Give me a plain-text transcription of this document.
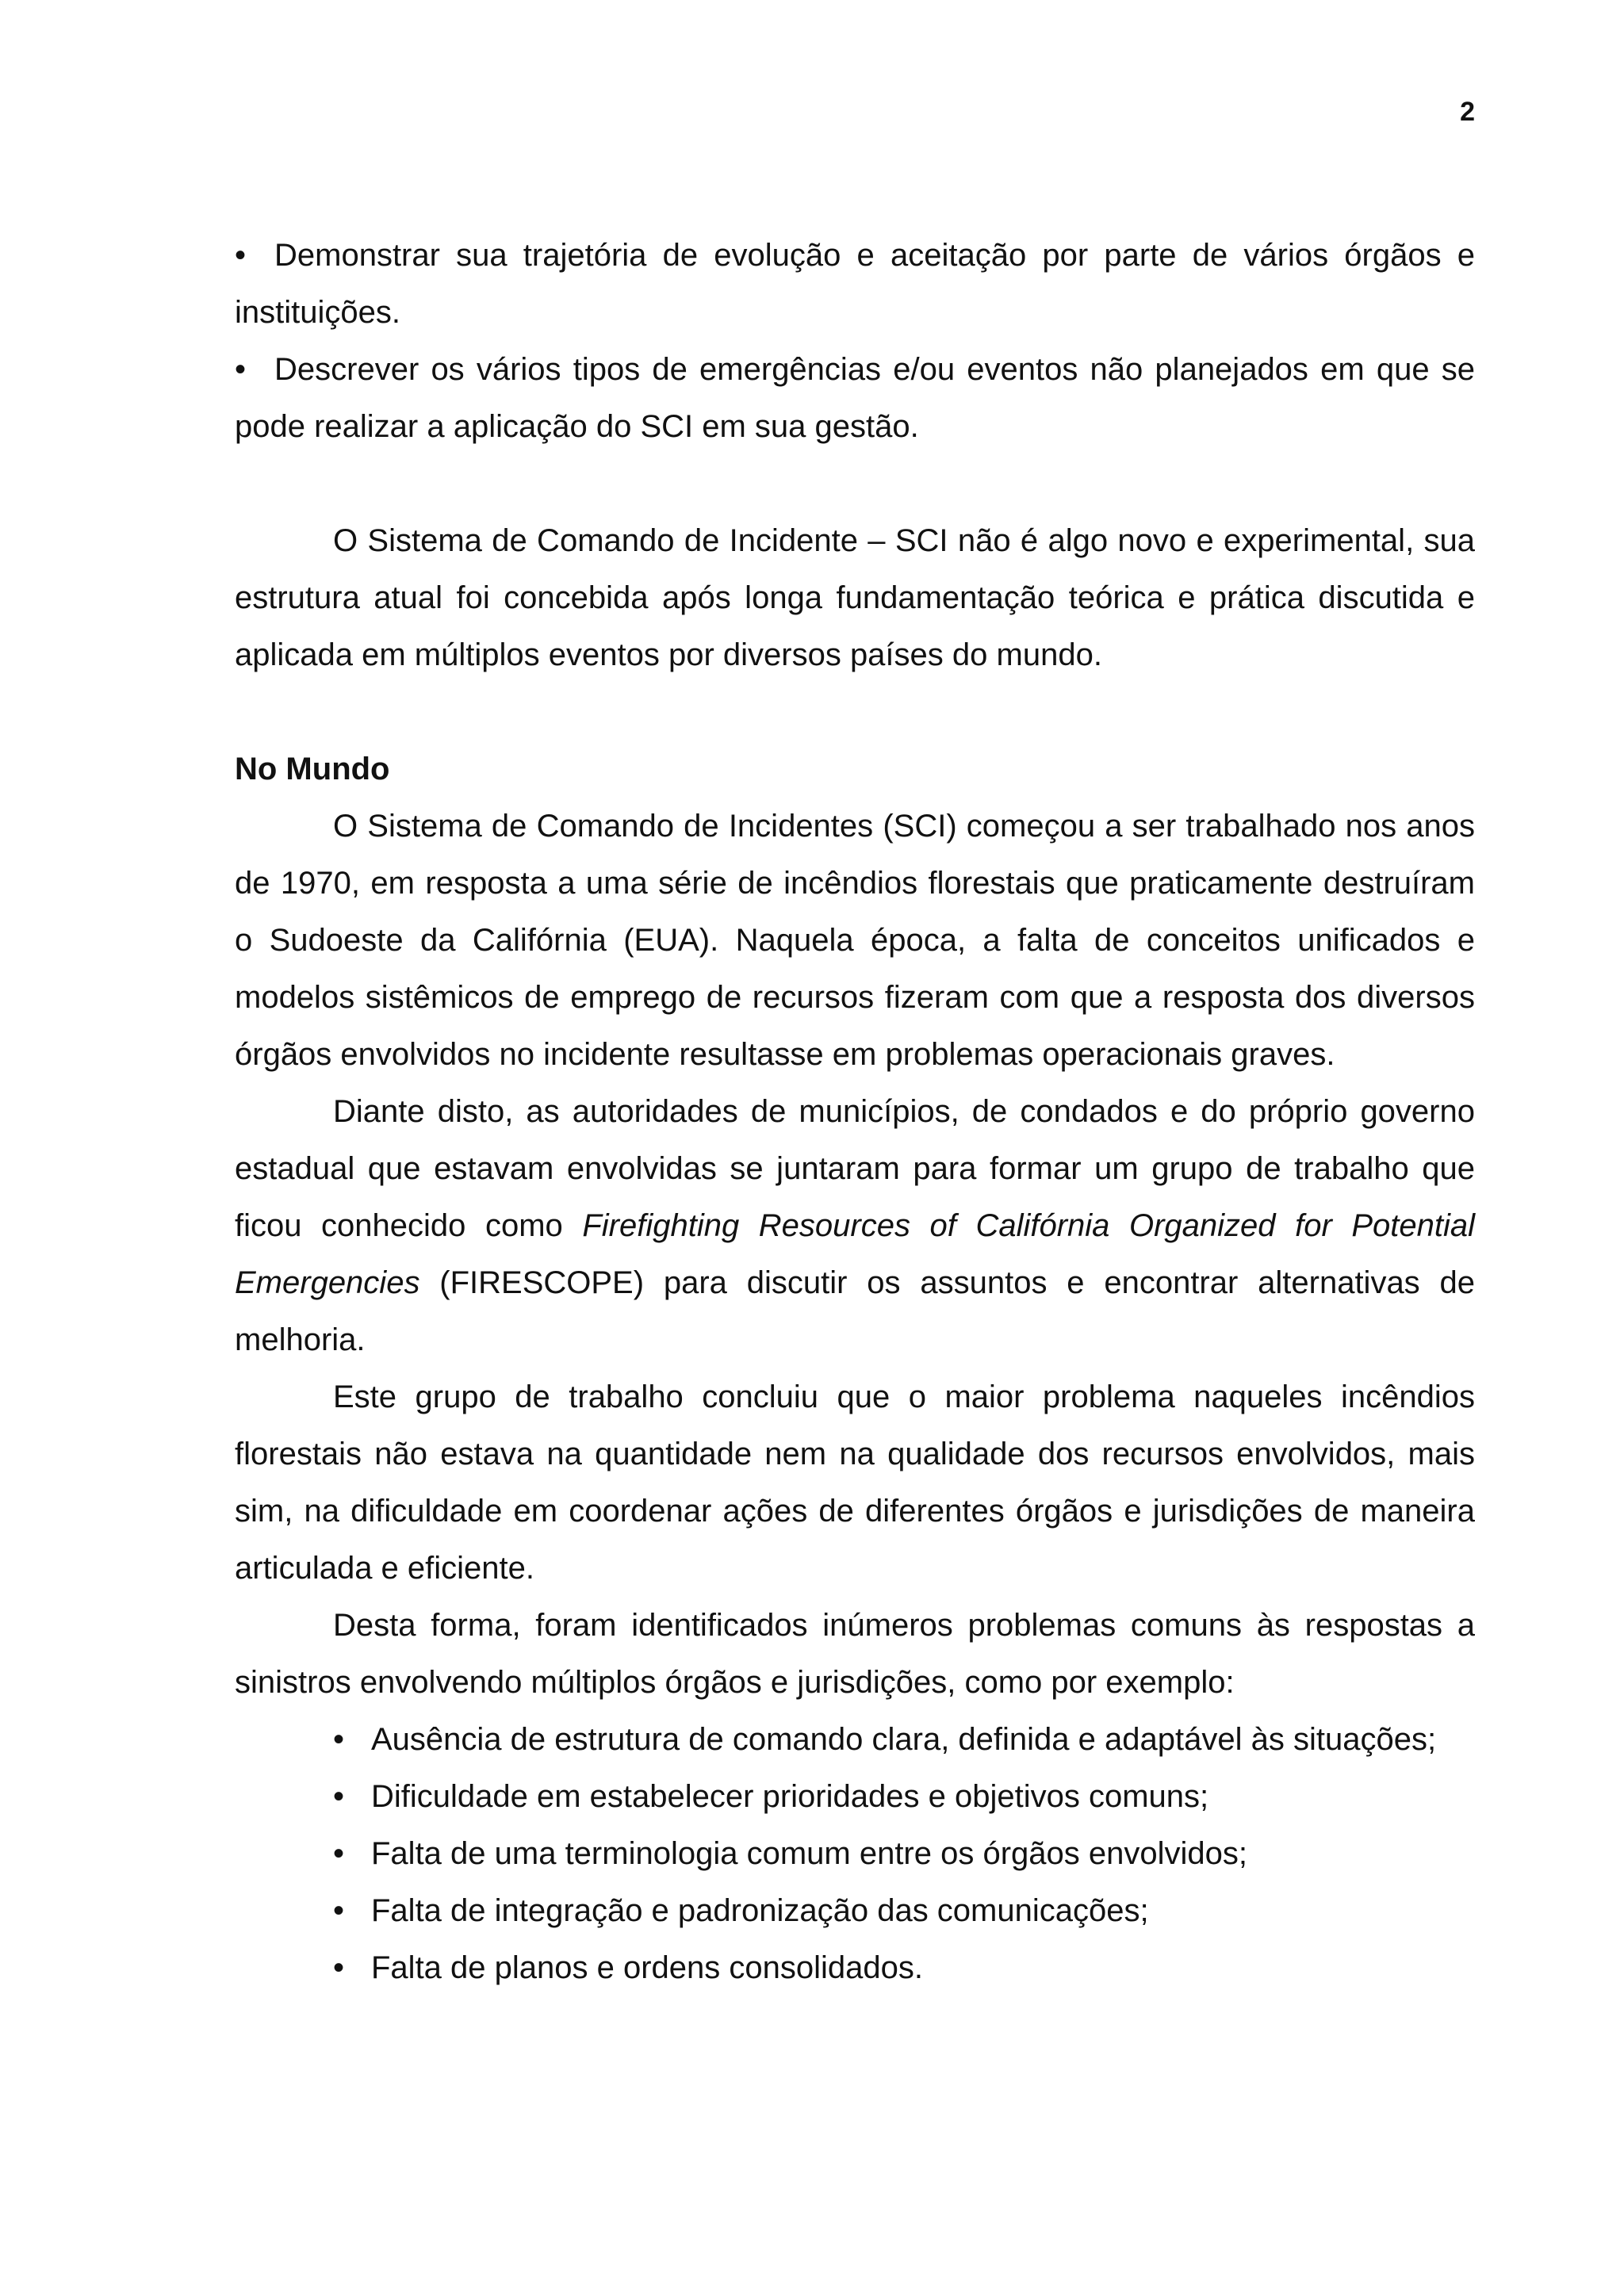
2
• Demonstrar sua trajetória de evolução e aceitação por parte de vários órgãos e instituições.
• Descrever os vários tipos de emergências e/ou eventos não planejados em que se pode realizar a aplicação do SCI em sua gestão.

O Sistema de Comando de Incidente – SCI não é algo novo e experimental, sua estrutura atual foi concebida após longa fundamentação teórica e prática discutida e aplicada em múltiplos eventos por diversos países do mundo.

No Mundo

O Sistema de Comando de Incidentes (SCI) começou a ser trabalhado nos anos de 1970, em resposta a uma série de incêndios florestais que praticamente destruíram o Sudoeste da Califórnia (EUA). Naquela época, a falta de conceitos unificados e modelos sistêmicos de emprego de recursos fizeram com que a resposta dos diversos órgãos envolvidos no incidente resultasse em problemas operacionais graves.

Diante disto, as autoridades de municípios, de condados e do próprio governo estadual que estavam envolvidas se juntaram para formar um grupo de trabalho que ficou conhecido como Firefighting Resources of Califórnia Organized for Potential Emergencies (FIRESCOPE) para discutir os assuntos e encontrar alternativas de melhoria.

Este grupo de trabalho concluiu que o maior problema naqueles incêndios florestais não estava na quantidade nem na qualidade dos recursos envolvidos, mais sim, na dificuldade em coordenar ações de diferentes órgãos e jurisdições de maneira articulada e eficiente.

Desta forma, foram identificados inúmeros problemas comuns às respostas a sinistros envolvendo múltiplos órgãos e jurisdições, como por exemplo:

• Ausência de estrutura de comando clara, definida e adaptável às situações;
• Dificuldade em estabelecer prioridades e objetivos comuns;
• Falta de uma terminologia comum entre os órgãos envolvidos;
• Falta de integração e padronização das comunicações;
• Falta de planos e ordens consolidados.
